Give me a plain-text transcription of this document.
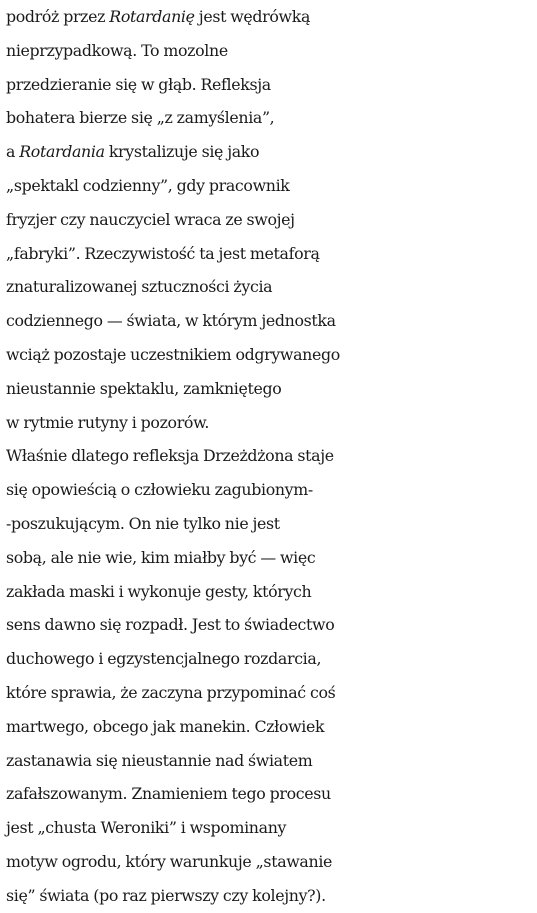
podróż przez Rotardanię jest wędrówką
nieprzypadkową. To mozolne
przedzieranie się w głąb. Refleksja
bohatera bierze się „z zamyślenia”,
a Rotardania krystalizuje się jako
„spektakl codzienny”, gdy pracownik
fryzjer czy nauczyciel wraca ze swojej
„fabryki”. Rzeczywistość ta jest metaforą
znaturalizowanej sztuczności życia
codziennego — świata, w którym jednostka
wciąż pozostaje uczestnikiem odgrywanego
nieustannie spektaklu, zamkniętego
w rytmie rutyny i pozorów.
Właśnie dlatego refleksja Drzeżdżona staje
się opowieścią o człowieku zagubionym-
-poszukującym. On nie tylko nie jest
sobą, ale nie wie, kim miałby być — więc
zakłada maski i wykonuje gesty, których
sens dawno się rozpadł. Jest to świadectwo
duchowego i egzystencjalnego rozdarcia,
które sprawia, że zaczyna przypominać coś
martwego, obcego jak manekin. Człowiek
zastanawia się nieustannie nad światem
zafałszowanym. Znamieniem tego procesu
jest „chusta Weroniki” i wspominany
motyw ogrodu, który warunkuje „stawanie
się” świata (po raz pierwszy czy kolejny?).
